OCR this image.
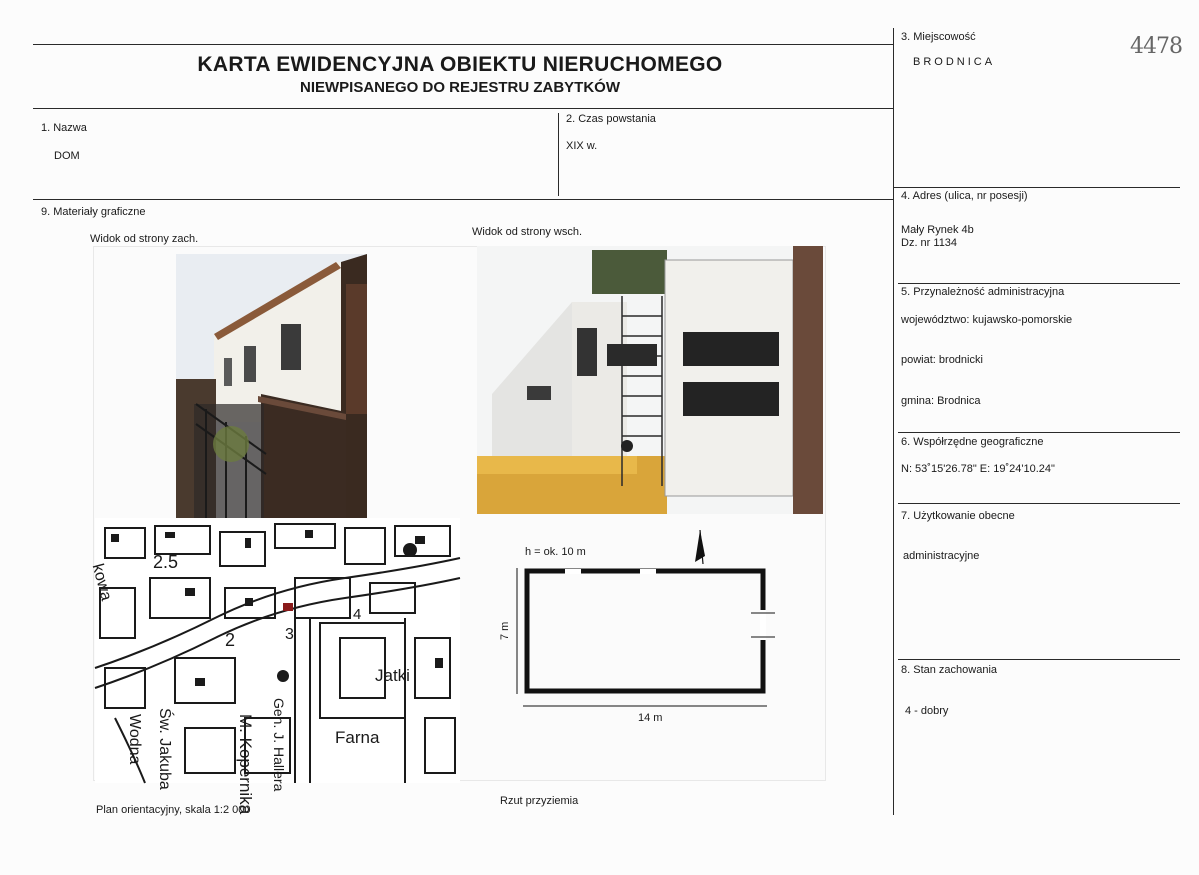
KARTA EWIDENCYJNA OBIEKTU NIERUCHOMEGO
NIEWPISANEGO DO REJESTRU ZABYTKÓW
4478
1. Nazwa
DOM
2. Czas powstania
XIX w.
3. Miejscowość
BRODNICA
4. Adres (ulica, nr posesji)
Mały Rynek 4b
Dz. nr 1134
5. Przynależność administracyjna
województwo: kujawsko-pomorskie
powiat: brodnicki
gmina: Brodnica
6. Współrzędne geograficzne
N: 53˚15'26.78" E: 19˚24'10.24"
7. Użytkowanie obecne
administracyjne
8. Stan zachowania
4 - dobry
9. Materiały graficzne
Widok od strony zach.
Widok od strony wsch.
Plan orientacyjny, skala 1:2 000
Rzut przyziemia
2.5
2	3
4
Jatki
Farna
M. Kopernika Gen. J. Hallera
Św. Jakuba
Wodna
kowa
h = ok. 10 m
14 m
7 m
